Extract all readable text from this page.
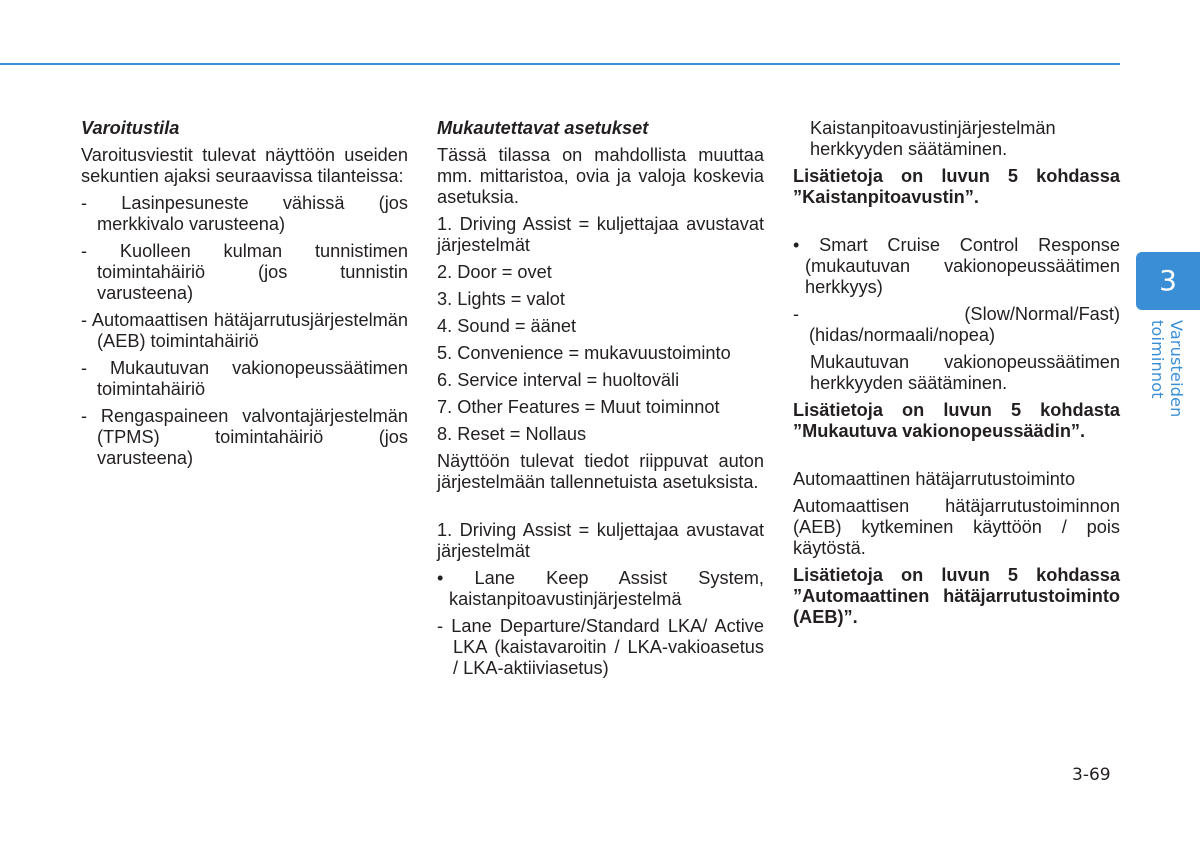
Varoitustila

Varoitusviestit tulevat näyttöön useiden sekuntien ajaksi seuraavissa tilanteissa:

- Lasinpesuneste vähissä (jos merkkivalo varusteena)

- Kuolleen kulman tunnistimen toimintahäiriö (jos tunnistin varusteena)

- Automaattisen hätäjarrutusjärjestelmän (AEB) toimintahäiriö

- Mukautuvan vakionopeussäätimen toimintahäiriö

- Rengaspaineen valvontajärjestelmän (TPMS) toimintahäiriö (jos varusteena)

Mukautettavat asetukset

Tässä tilassa on mahdollista muuttaa mm. mittaristoa, ovia ja valoja koskevia asetuksia.

1. Driving Assist = kuljettajaa avustavat järjestelmät

2. Door = ovet

3. Lights = valot

4. Sound = äänet

5. Convenience = mukavuustoiminto

6. Service interval = huoltoväli

7. Other Features = Muut toiminnot

8. Reset = Nollaus

Näyttöön tulevat tiedot riippuvat auton järjestelmään tallennetuista asetuksista.

1. Driving Assist = kuljettajaa avustavat järjestelmät

• Lane Keep Assist System, kaistanpitoavustinjärjestelmä

- Lane Departure/Standard LKA/ Active LKA (kaistavaroitin / LKA-vakioasetus / LKA-aktiiviasetus)

Kaistanpitoavustinjärjestelmän herkkyyden säätäminen.

Lisätietoja on luvun 5 kohdassa ”Kaistanpitoavustin”.

• Smart Cruise Control Response (mukautuvan vakionopeussäätimen herkkyys)

- (Slow/Normal/Fast) (hidas/normaali/nopea)

Mukautuvan vakionopeussäätimen herkkyyden säätäminen.

Lisätietoja on luvun 5 kohdasta ”Mukautuva vakionopeussäädin”.

Automaattinen hätäjarrutustoiminto

Automaattisen hätäjarrutustoiminnon (AEB) kytkeminen käyttöön / pois käytöstä.

Lisätietoja on luvun 5 kohdassa ”Automaattinen hätäjarrutustoiminto (AEB)”.

3
Varusteiden toiminnot
3-69
